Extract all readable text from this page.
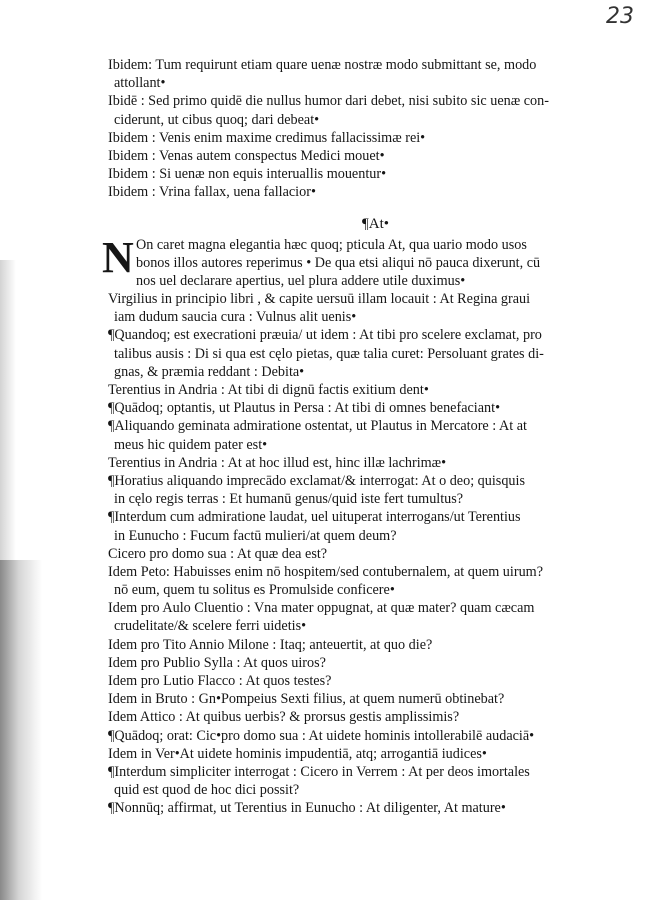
23
Ibidem: Tum requirunt etiam quare uenæ nostræ modo submittant se, modo
attollant•
Ibidē : Sed primo quidē die nullus humor dari debet, nisi subito sic uenæ con-
ciderunt, ut cibus quoq; dari debeat•
Ibidem : Venis enim maxime credimus fallacissimæ rei•
Ibidem : Venas autem conspectus Medici mouet•
Ibidem : Si uenæ non equis interuallis mouentur•
Ibidem : Vrina fallax, uena fallacior•
¶At•
N On caret magna elegantia hæc quoq; pticula At, qua uario modo usos
bonos illos autores reperimus • De qua etsi aliqui nō pauca dixerunt, cū
nos uel declarare apertius, uel plura addere utile duximus•
Virgilius in principio libri , & capite uersuū illam locauit : At Regina graui
iam dudum saucia cura : Vulnus alit uenis•
¶Quandoq; est execrationi præuia/ ut idem : At tibi pro scelere exclamat, pro
talibus ausis : Di si qua est cęlo pietas, quæ talia curet: Persoluant grates di-
gnas, & præmia reddant : Debita•
Terentius in Andria : At tibi di dignū factis exitium dent•
¶Quādoq; optantis, ut Plautus in Persa : At tibi di omnes benefaciant•
¶Aliquando geminata admiratione ostentat, ut Plautus in Mercatore : At at
meus hic quidem pater est•
Terentius in Andria : At at hoc illud est, hinc illæ lachrimæ•
¶Horatius aliquando imprecādo exclamat/& interrogat: At o deo; quisquis
in cęlo regis terras : Et humanū genus/quid iste fert tumultus?
¶Interdum cum admiratione laudat, uel uituperat interrogans/ut Terentius
in Eunucho : Fucum factū mulieri/at quem deum?
Cicero pro domo sua : At quæ dea est?
Idem Peto: Habuisses enim nō hospitem/sed contubernalem, at quem uirum?
nō eum, quem tu solitus es Promulside conficere•
Idem pro Aulo Cluentio : Vna mater oppugnat, at quæ mater? quam cæcam
crudelitate/& scelere ferri uidetis•
Idem pro Tito Annio Milone : Itaq; anteuertit, at quo die?
Idem pro Publio Sylla : At quos uiros?
Idem pro Lutio Flacco : At quos testes?
Idem in Bruto : Gn•Pompeius Sexti filius, at quem numerū obtinebat?
Idem Attico : At quibus uerbis? & prorsus gestis amplissimis?
¶Quādoq; orat: Cic•pro domo sua : At uidete hominis intollerabilē audaciā•
Idem in Ver•At uidete hominis impudentiā, atq; arrogantiā iudices•
¶Interdum simpliciter interrogat : Cicero in Verrem : At per deos imortales
quid est quod de hoc dici possit?
¶Nonnūq; affirmat, ut Terentius in Eunucho : At diligenter, At mature•
